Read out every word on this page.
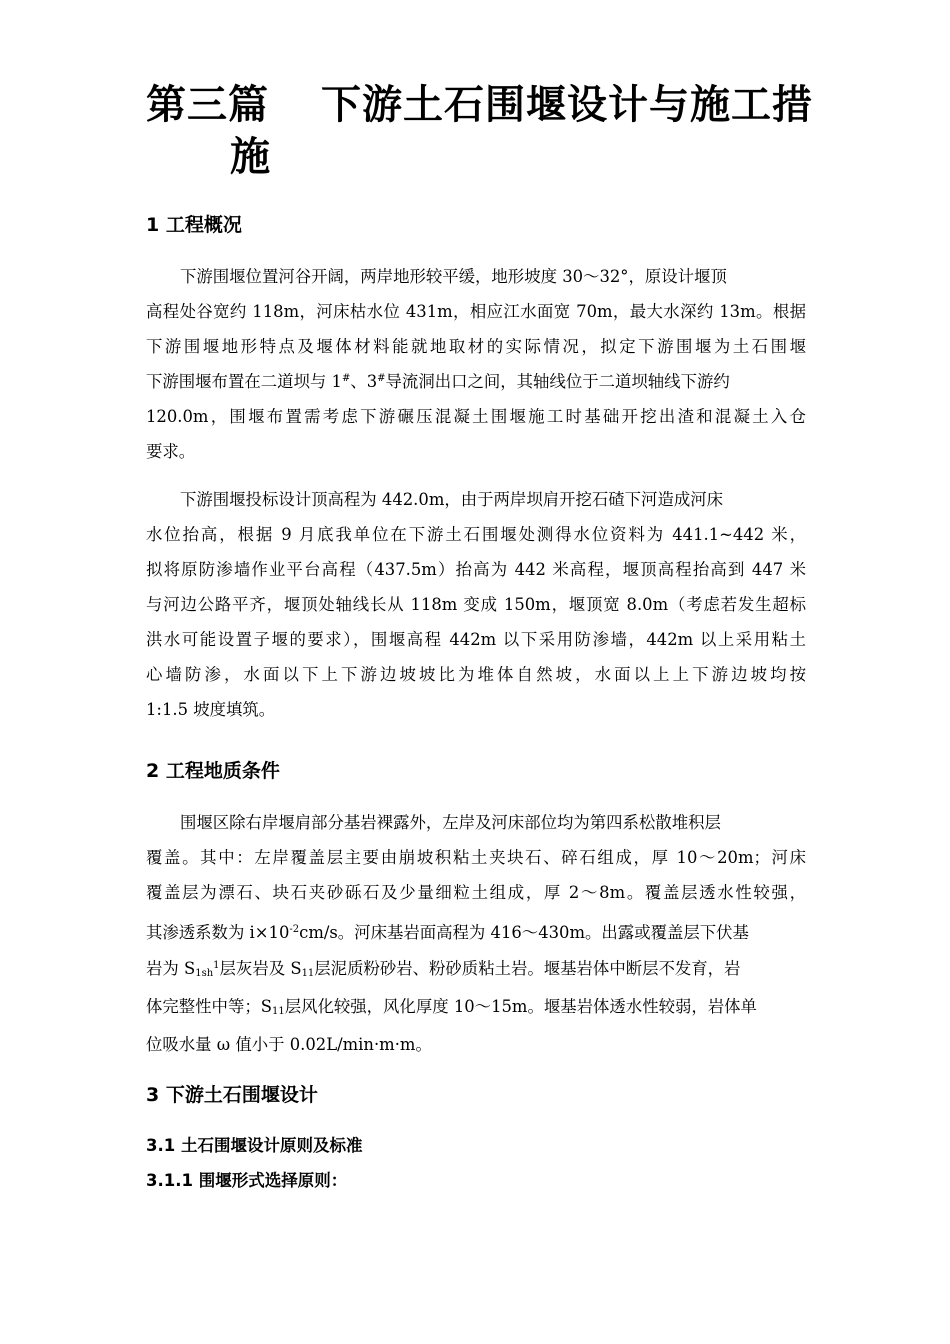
第三篇 下游土石围堰设计与施工措
施
1 工程概况

下游围堰位置河谷开阔，两岸地形较平缓，地形坡度 30～32°，原设计堰顶

高程处谷宽约 118m，河床枯水位 431m，相应江水面宽 70m，最大水深约 13m。根据

下游围堰地形特点及堰体材料能就地取材的实际情况，拟定下游围堰为土石围堰

下游围堰布置在二道坝与 1#、3#导流洞出口之间，其轴线位于二道坝轴线下游约

120.0m，围堰布置需考虑下游碾压混凝土围堰施工时基础开挖出渣和混凝土入仓

要求。

下游围堰投标设计顶高程为 442.0m，由于两岸坝肩开挖石碴下河造成河床

水位抬高，根据 9 月底我单位在下游土石围堰处测得水位资料为 441.1~442 米，

拟将原防渗墙作业平台高程（437.5m）抬高为 442 米高程，堰顶高程抬高到 447 米

与河边公路平齐，堰顶处轴线长从 118m 变成 150m，堰顶宽 8.0m（考虑若发生超标

洪水可能设置子堰的要求），围堰高程 442m 以下采用防渗墙，442m 以上采用粘土

心墙防渗，水面以下上下游边坡坡比为堆体自然坡，水面以上上下游边坡均按

1:1.5 坡度填筑。

2 工程地质条件

围堰区除右岸堰肩部分基岩裸露外，左岸及河床部位均为第四系松散堆积层

覆盖。其中：左岸覆盖层主要由崩坡积粘土夹块石、碎石组成，厚 10～20m；河床

覆盖层为漂石、块石夹砂砾石及少量细粒土组成，厚 2～8m。覆盖层透水性较强，

其渗透系数为 $i\times 10^{-2}cm/s$。河床基岩面高程为 416～430m。出露或覆盖层下伏基

岩为 $S_{1sh}^1$层灰岩及 $S_{11}$层泥质粉砂岩、粉砂质粘土岩。堰基岩体中断层不发育，岩

体完整性中等；$S_{11}$层风化较强，风化厚度 10～15m。堰基岩体透水性较弱，岩体单

位吸水量 ω 值小于 0.02L/min·m·m。

3 下游土石围堰设计
3.1 土石围堰设计原则及标准
3.1.1 围堰形式选择原则：
